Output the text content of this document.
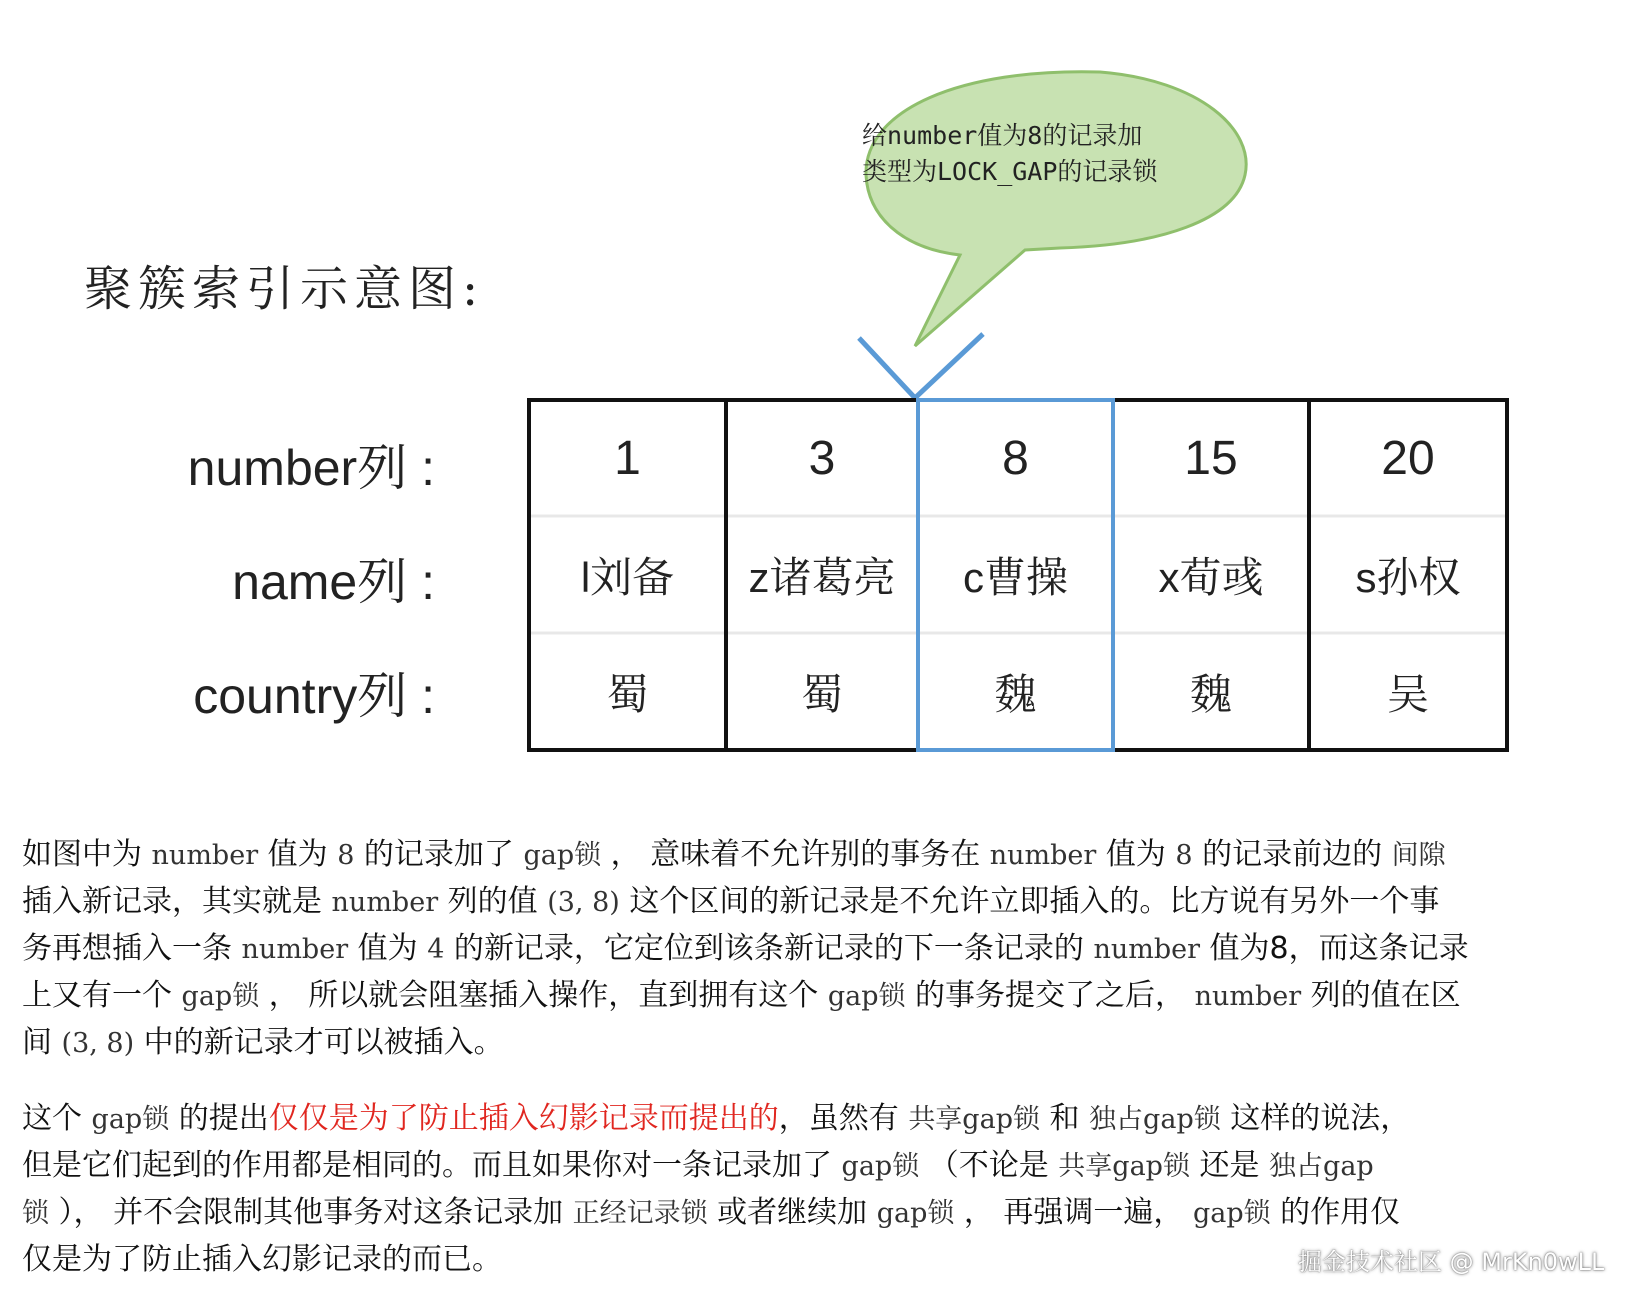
给number值为8的记录加
类型为LOCK_GAP的记录锁
聚簇索引示意图:
number列 :
name列 :
country列 :
1	3	8	15	20
l刘备	z诸葛亮	c曹操	x荀彧	s孙权
蜀	蜀	魏	魏	吴
如图中为 number 值为 8 的记录加了 gap锁 ， 意味着不允许别的事务在 number 值为 8 的记录前边的 间隙
插入新记录，其实就是 number 列的值 (3, 8) 这个区间的新记录是不允许立即插入的。比方说有另外一个事
务再想插入一条 number 值为 4 的新记录，它定位到该条新记录的下一条记录的 number 值为8，而这条记录
上又有一个 gap锁 ， 所以就会阻塞插入操作，直到拥有这个 gap锁 的事务提交了之后， number 列的值在区
间 (3, 8) 中的新记录才可以被插入。
这个 gap锁 的提出仅仅是为了防止插入幻影记录而提出的，虽然有 共享gap锁 和 独占gap锁 这样的说法，
但是它们起到的作用都是相同的。而且如果你对一条记录加了 gap锁 （不论是 共享gap锁 还是 独占gap
锁 ）， 并不会限制其他事务对这条记录加 正经记录锁 或者继续加 gap锁 ， 再强调一遍， gap锁 的作用仅
仅是为了防止插入幻影记录的而已。	掘金技术社区 @ MrKn0wLL
